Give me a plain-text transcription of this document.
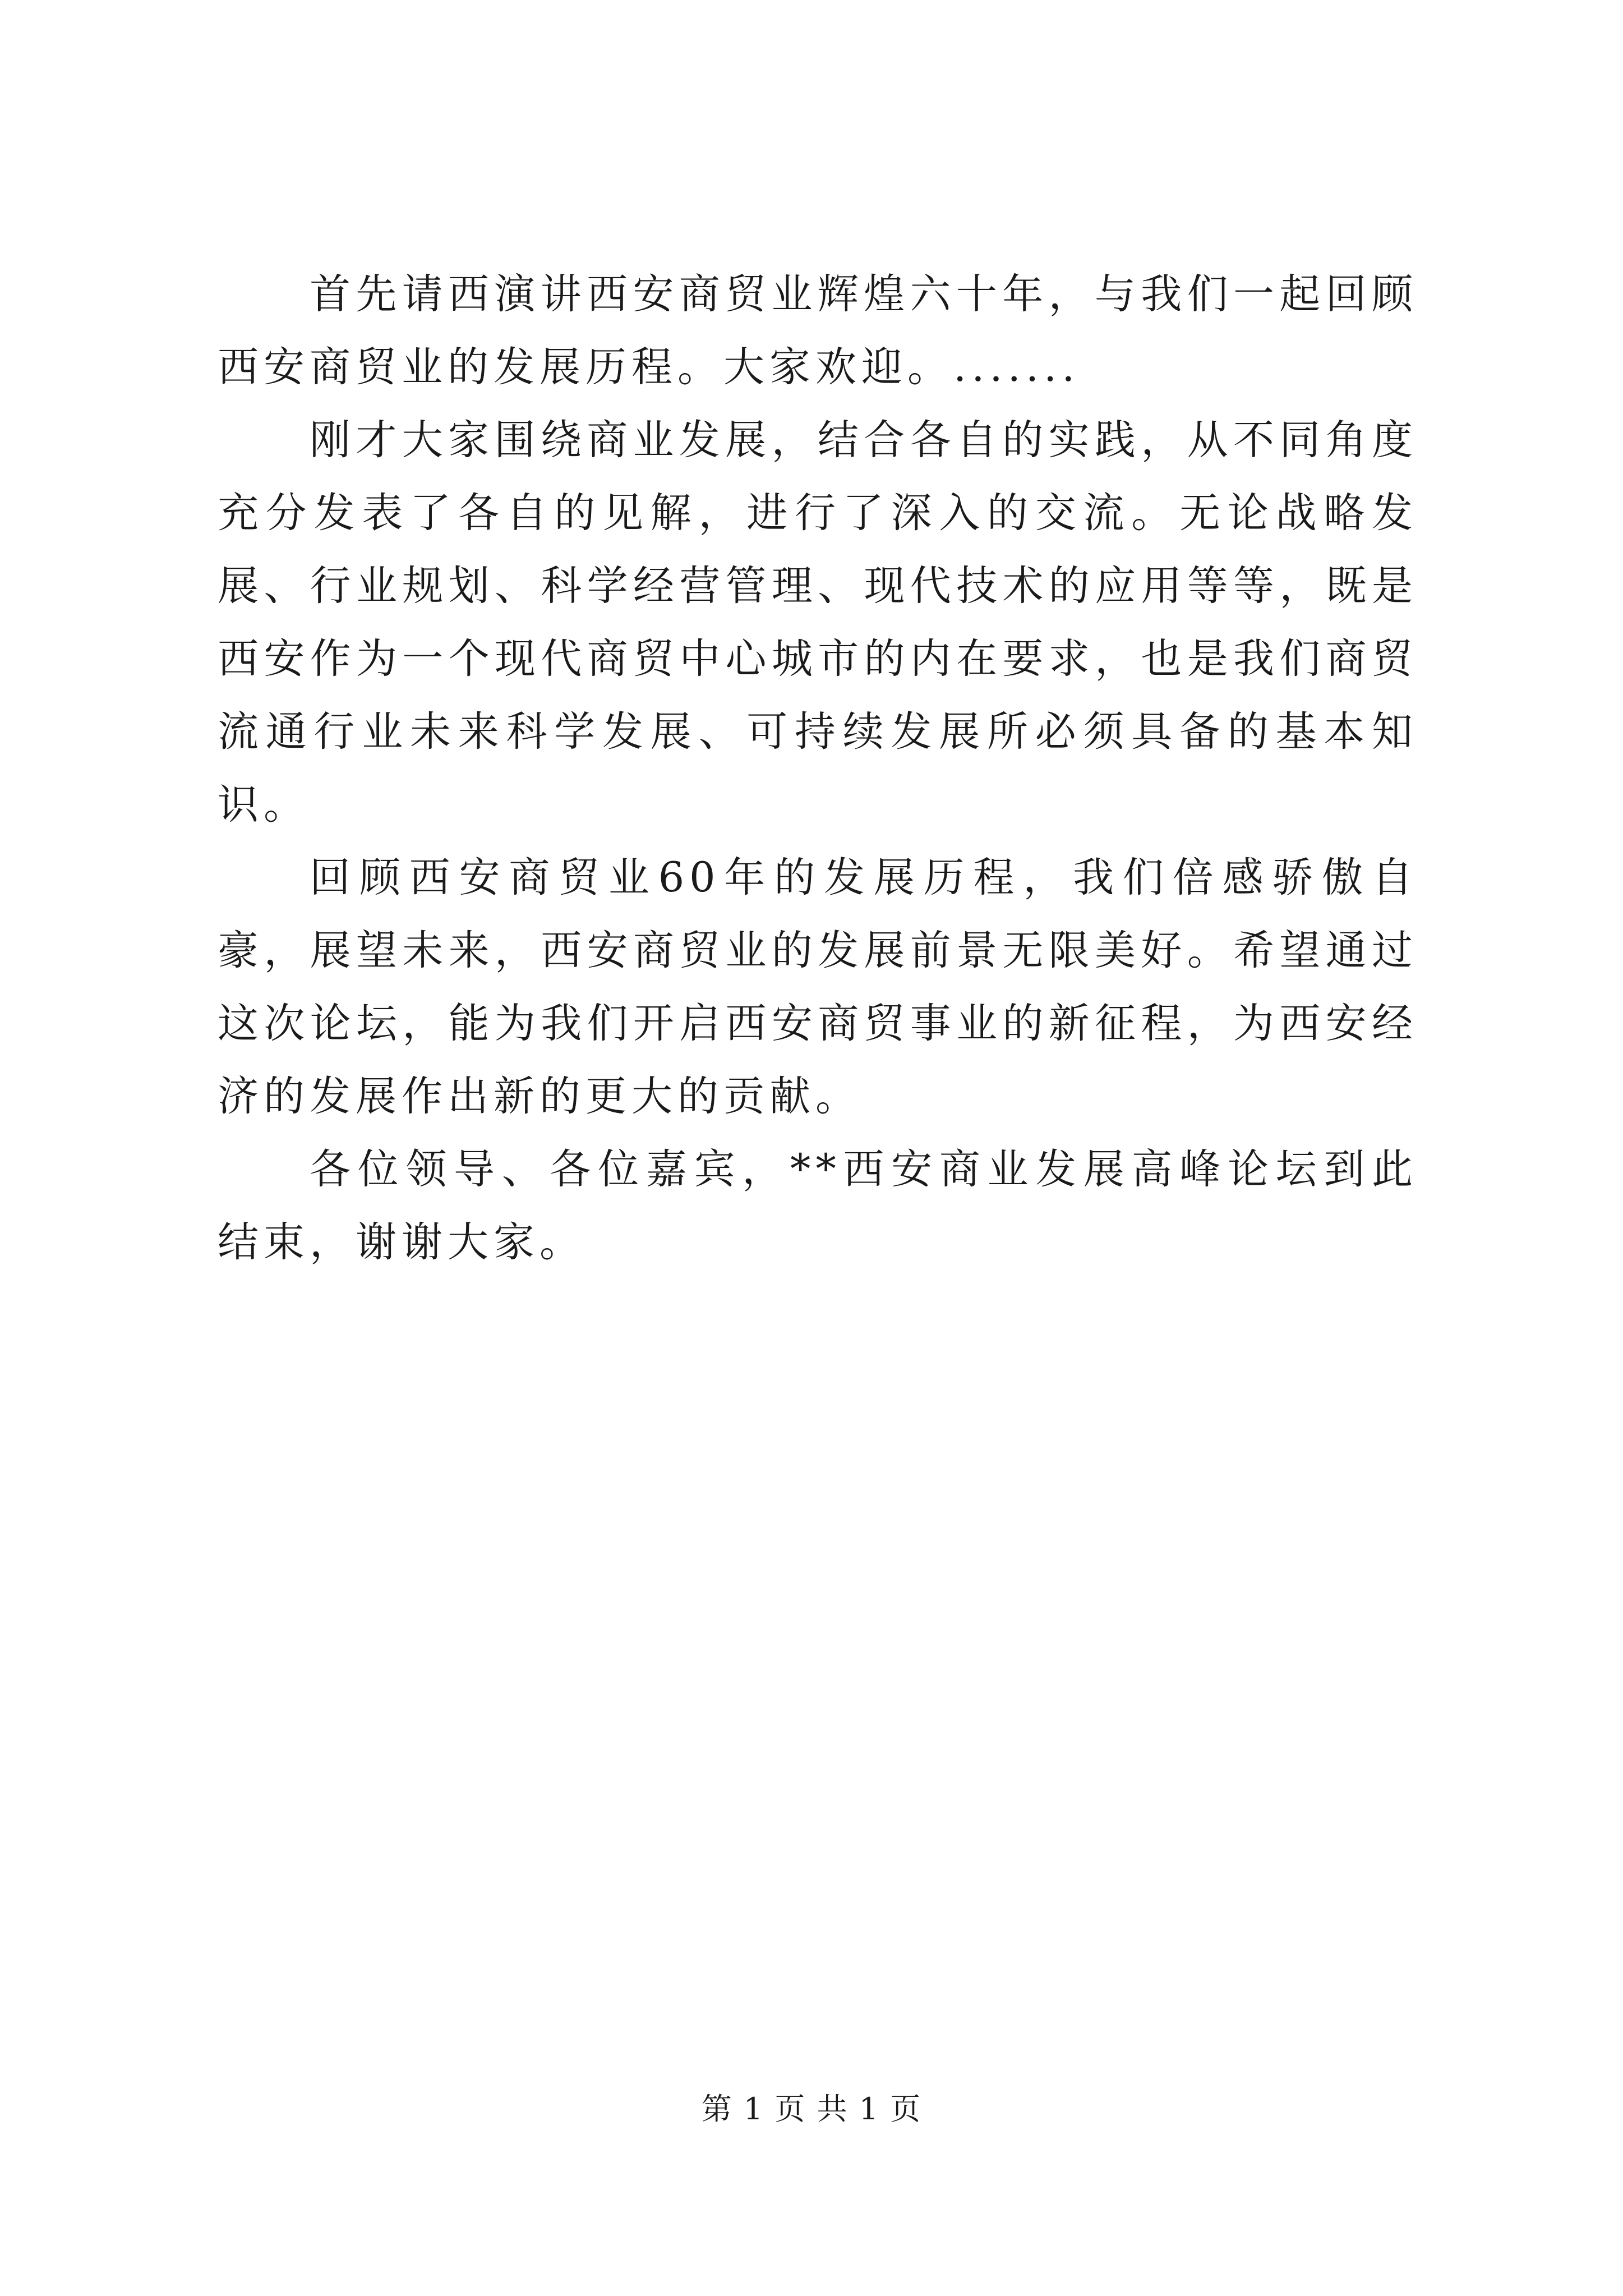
首先请西演讲西安商贸业辉煌六十年，与我们一起回顾西安商贸业的发展历程。大家欢迎。.......

刚才大家围绕商业发展，结合各自的实践，从不同角度充分发表了各自的见解，进行了深入的交流。无论战略发展、行业规划、科学经营管理、现代技术的应用等等，既是西安作为一个现代商贸中心城市的内在要求，也是我们商贸流通行业未来科学发展、可持续发展所必须具备的基本知识。

回顾西安商贸业60年的发展历程，我们倍感骄傲自豪，展望未来，西安商贸业的发展前景无限美好。希望通过这次论坛，能为我们开启西安商贸事业的新征程，为西安经济的发展作出新的更大的贡献。

各位领导、各位嘉宾，**西安商业发展高峰论坛到此结束，谢谢大家。

第 1 页 共 1 页
